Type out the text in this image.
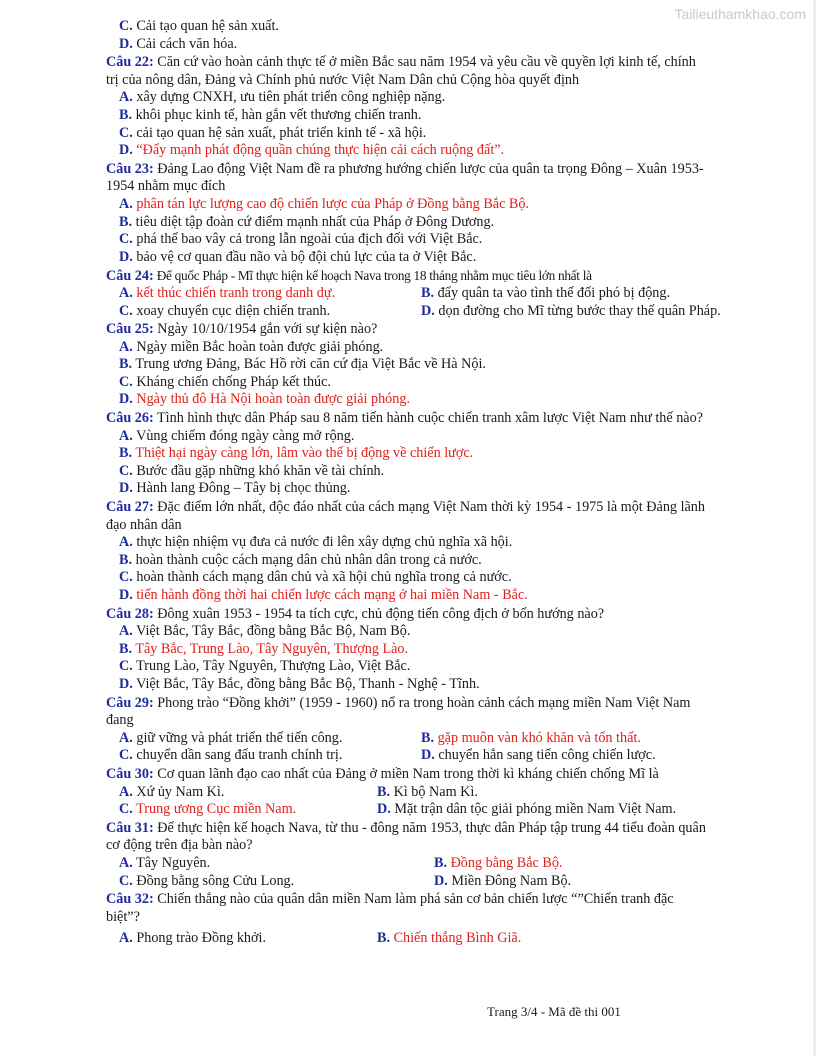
Tailieuthamkhao.com
C. Cải tạo quan hệ sản xuất.
D. Cải cách văn hóa.
Câu 22: Căn cứ vào hoàn cảnh thực tế ở miền Bắc sau năm 1954 và yêu cầu về quyền lợi kinh tế, chính
trị của nông dân, Đảng và Chính phủ nước Việt Nam Dân chủ Cộng hòa quyết định
A. xây dựng CNXH, ưu tiên phát triển công nghiệp nặng.
B. khôi phục kinh tế, hàn gắn vết thương chiến tranh.
C. cải tạo quan hệ sản xuất, phát triển kinh tế - xã hội.
D. “Đẩy mạnh phát động quần chúng thực hiện cải cách ruộng đất”.
Câu 23: Đảng Lao động Việt Nam đề ra phương hướng chiến lược của quân ta trọng Đông – Xuân 1953-
1954 nhằm mục đích
A. phân tán lực lượng cao độ chiến lược của Pháp ở Đồng bằng Bắc Bộ.
B. tiêu diệt tập đoàn cứ điểm mạnh nhất của Pháp ở Đông Dương.
C. phá thế bao vây cả trong lẫn ngoài của địch đối với Việt Bắc.
D. bảo vệ cơ quan đầu não và bộ đội chủ lực của ta ở Việt Bắc.
Câu 24: Để quốc Pháp - Mĩ thực hiện kế hoạch Nava trong 18 tháng nhằm mục tiêu lớn nhất là
A. kết thúc chiến tranh trong danh dự.	B. đẩy quân ta vào tình thế đối phó bị động.
C. xoay chuyển cục diện chiến tranh.	D. dọn đường cho Mĩ từng bước thay thế quân Pháp.
Câu 25: Ngày 10/10/1954 gắn với sự kiện nào?
A. Ngày miền Bắc hoàn toàn được giải phóng.
B. Trung ương Đảng, Bác Hồ rời căn cứ địa Việt Bắc về Hà Nội.
C. Kháng chiến chống Pháp kết thúc.
D. Ngày thủ đô Hà Nội hoàn toàn được giải phóng.
Câu 26: Tình hình thực dân Pháp sau 8 năm tiến hành cuộc chiến tranh xâm lược Việt Nam như thế nào?
A. Vùng chiếm đóng ngày càng mở rộng.
B. Thiệt hại ngày càng lớn, lâm vào thế bị động về chiến lược.
C. Bước đầu gặp những khó khăn về tài chính.
D. Hành lang Đông – Tây bị chọc thủng.
Câu 27: Đặc điểm lớn nhất, độc đáo nhất của cách mạng Việt Nam thời kỳ 1954 - 1975 là một Đảng lãnh
đạo nhân dân
A. thực hiện nhiệm vụ đưa cả nước đi lên xây dựng chủ nghĩa xã hội.
B. hoàn thành cuộc cách mạng dân chủ nhân dân trong cả nước.
C. hoàn thành cách mạng dân chủ và xã hội chủ nghĩa trong cả nước.
D. tiến hành đồng thời hai chiến lược cách mạng ở hai miền Nam - Bắc.
Câu 28: Đông xuân 1953 - 1954 ta tích cực, chủ động tiến công địch ở bốn hướng nào?
A. Việt Bắc, Tây Bắc, đồng bằng Bắc Bộ, Nam Bộ.
B. Tây Bắc, Trung Lào, Tây Nguyên, Thượng Lào.
C. Trung Lào, Tây Nguyên, Thượng Lào, Việt Bắc.
D. Việt Bắc, Tây Bắc, đồng bằng Bắc Bộ, Thanh - Nghệ - Tĩnh.
Câu 29: Phong trào “Đồng khởi” (1959 - 1960) nổ ra trong hoàn cảnh cách mạng miền Nam Việt Nam
đang
A. giữ vững và phát triển thế tiến công.	B. gặp muôn vàn khó khăn và tổn thất.
C. chuyển dần sang đấu tranh chính trị.	D. chuyển hẳn sang tiến công chiến lược.
Câu 30: Cơ quan lãnh đạo cao nhất của Đảng ở miền Nam trong thời kì kháng chiến chống Mĩ là
A. Xứ ủy Nam Kì.	B. Kì bộ Nam Kì.
C. Trung ương Cục miền Nam.	D. Mặt trận dân tộc giải phóng miền Nam Việt Nam.
Câu 31: Để thực hiện kế hoạch Nava, từ thu - đông năm 1953, thực dân Pháp tập trung 44 tiểu đoàn quân
cơ động trên địa bàn nào?
A. Tây Nguyên.	B. Đồng bằng Bắc Bộ.
C. Đồng bằng sông Cửu Long.	D. Miền Đông Nam Bộ.
Câu 32: Chiến thắng nào của quân dân miền Nam làm phá sản cơ bản chiến lược “”Chiến tranh đặc
biệt”?
A. Phong trào Đồng khởi.	B. Chiến thắng Bình Giã.
Trang 3/4 - Mã đề thi 001
